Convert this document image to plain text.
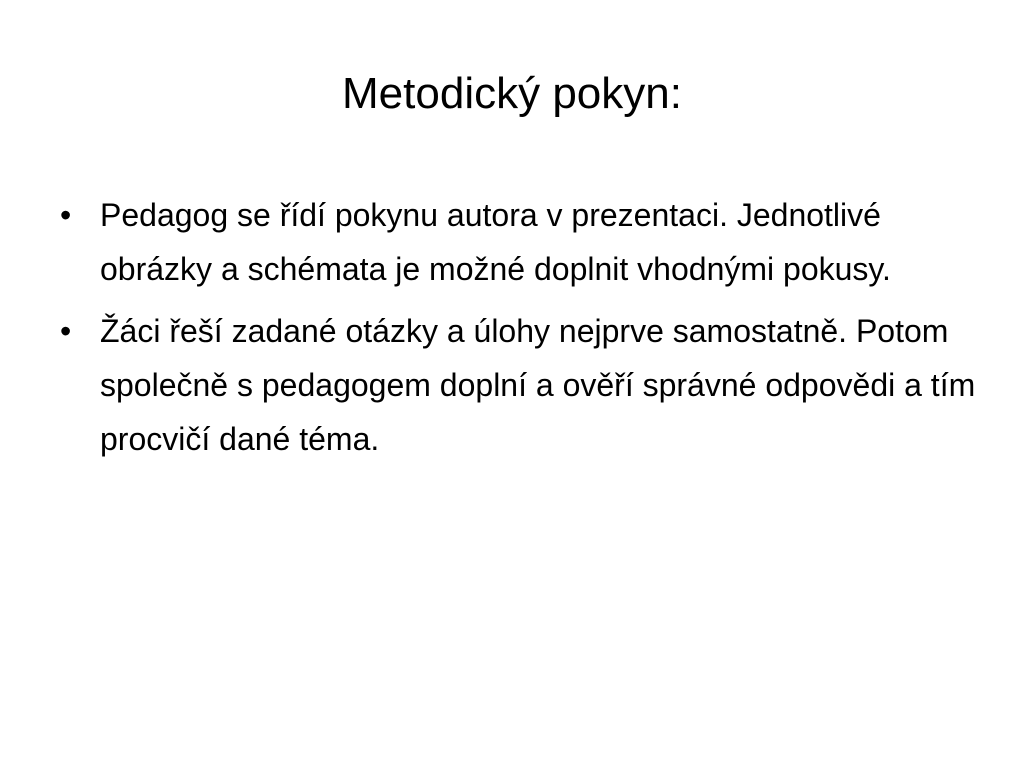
Metodický pokyn:
• Pedagog se řídí pokynu autora v prezentaci. Jednotlivé obrázky a schémata je možné doplnit vhodnými pokusy.
• Žáci řeší zadané otázky a úlohy nejprve samostatně. Potom společně s pedagogem doplní a ověří správné odpovědi a tím procvičí dané téma.
